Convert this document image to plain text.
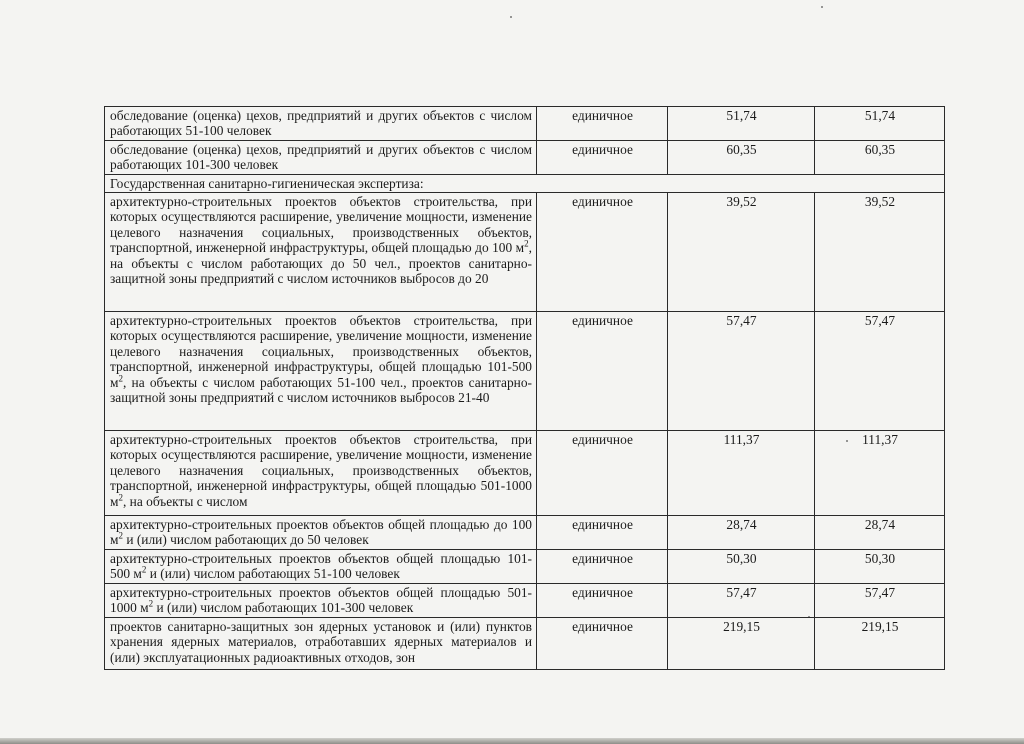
обследование (оценка) цехов, предприятий и других объектов с числом работающих 51-100 человек	единичное	51,74	51,74
обследование (оценка) цехов, предприятий и других объектов с числом работающих 101-300 человек	единичное	60,35	60,35
Государственная санитарно-гигиеническая экспертиза:			
архитектурно-строительных проектов объектов строительства, при которых осуществляются расширение, увеличение мощности, изменение целевого назначения социальных, производственных объектов, транспортной, инженерной инфраструктуры, общей площадью до 100 $м^2$, на объекты с числом работающих до 50 чел., проектов санитарно-защитной зоны предприятий с числом источников выбросов до 20	единичное	39,52	39,52
архитектурно-строительных проектов объектов строительства, при которых осуществляются расширение, увеличение мощности, изменение целевого назначения социальных, производственных объектов, транспортной, инженерной инфраструктуры, общей площадью 101-500 $м^2$, на объекты с числом работающих 51-100 чел., проектов санитарно-защитной зоны предприятий с числом источников выбросов 21-40	единичное	57,47	57,47
архитектурно-строительных проектов объектов строительства, при которых осуществляются расширение, увеличение мощности, изменение целевого назначения социальных, производственных объектов, транспортной, инженерной инфраструктуры, общей площадью 501-1000 $м^2$, на объекты с числом	единичное	111,37	111,37
архитектурно-строительных проектов объектов общей площадью до 100 $м^2$ и (или) числом работающих до 50 человек	единичное	28,74	28,74
архитектурно-строительных проектов объектов общей площадью 101-500 $м^2$ и (или) числом работающих 51-100 человек	единичное	50,30	50,30
архитектурно-строительных проектов объектов общей площадью 501-1000 $м^2$ и (или) числом работающих 101-300 человек	единичное	57,47	57,47
проектов санитарно-защитных зон ядерных установок и (или) пунктов хранения ядерных материалов, отработавших ядерных материалов и (или) эксплуатационных радиоактивных отходов, зон	единичное	219,15	219,15
